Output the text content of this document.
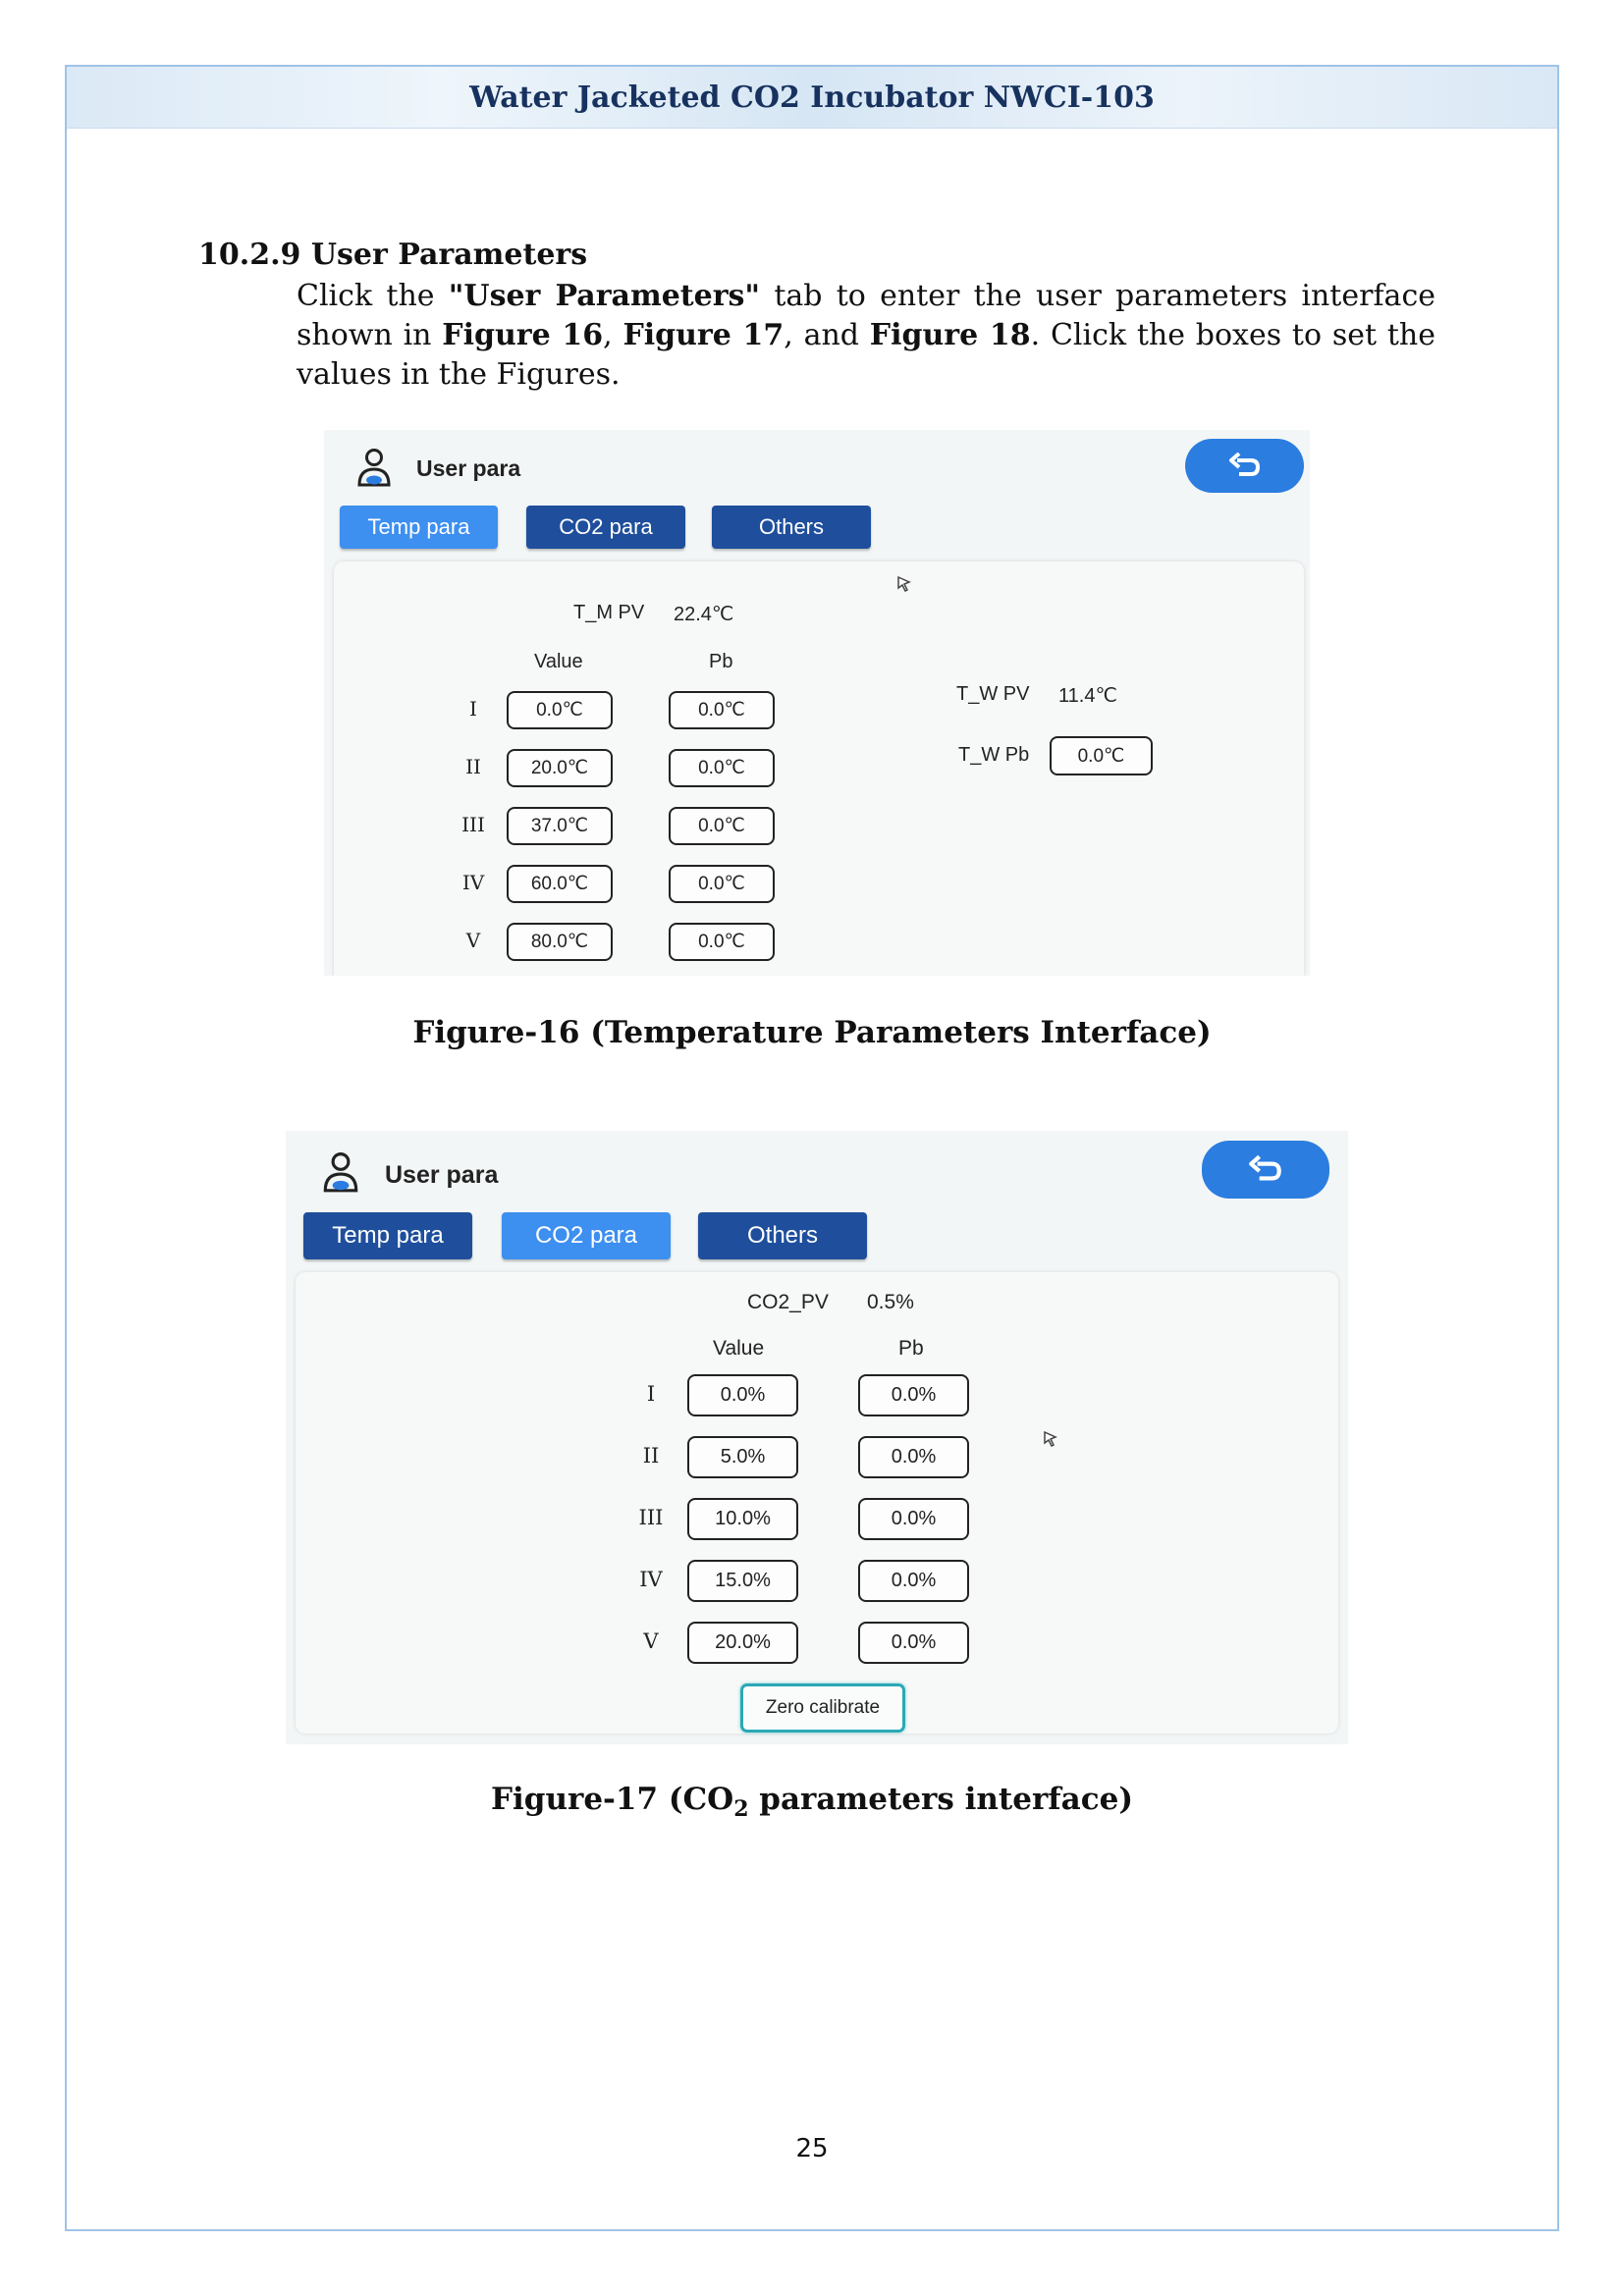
Water Jacketed CO2 Incubator NWCI-103
10.2.9 User Parameters
Click the "User Parameters" tab to enter the user parameters interface shown in Figure 16, Figure 17, and Figure 18. Click the boxes to set the values in the Figures.
User para
Temp para	CO2 para	Others
T_M PV 22.4℃
Value	Pb
I	0.0℃	0.0℃
II	20.0℃	0.0℃
III	37.0℃	0.0℃
IV	60.0℃	0.0℃
V	80.0℃	0.0℃
T_W PV 11.4℃
T_W Pb	0.0℃
Figure-16 (Temperature Parameters Interface)
User para
Temp para	CO2 para	Others
CO2_PV 0.5%
Value	Pb
I	0.0%	0.0%
II	5.0%	0.0%
III	10.0%	0.0%
IV	15.0%	0.0%
V	20.0%	0.0%
Zero calibrate
Figure-17 ($CO_2$ parameters interface)
25
